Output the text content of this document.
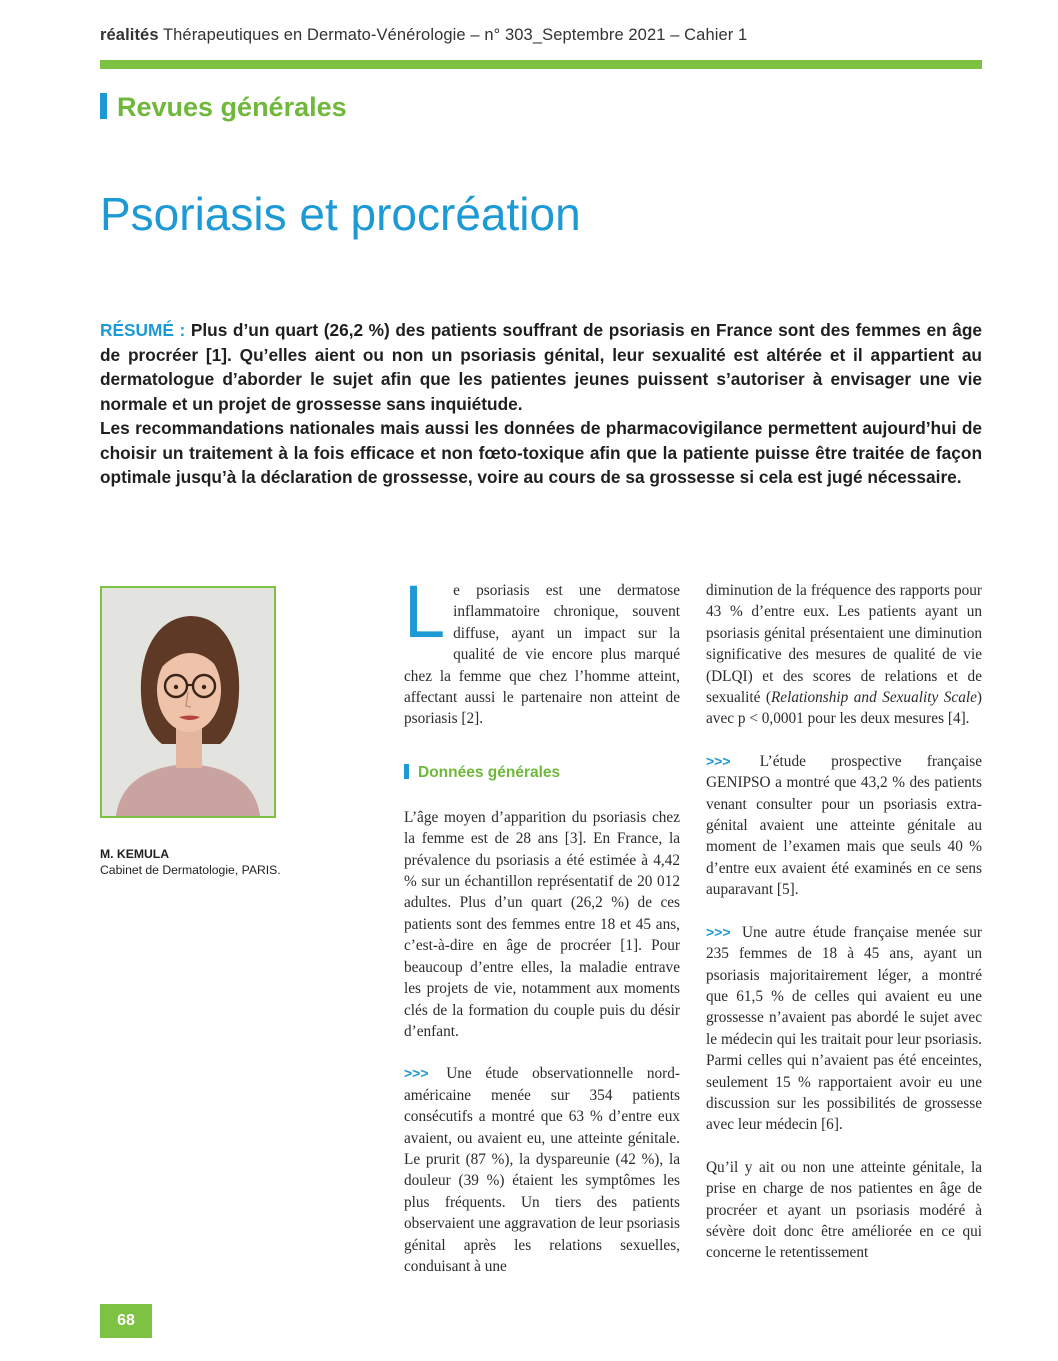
réalités Thérapeutiques en Dermato-Vénérologie – n° 303_Septembre 2021 – Cahier 1
Revues générales
Psoriasis et procréation

RÉSUMÉ : Plus d’un quart (26,2 %) des patients souffrant de psoriasis en France sont des femmes en âge de procréer [1]. Qu’elles aient ou non un psoriasis génital, leur sexualité est altérée et il appartient au dermatologue d’aborder le sujet afin que les patientes jeunes puissent s’autoriser à envisager une vie normale et un projet de grossesse sans inquiétude.

Les recommandations nationales mais aussi les données de pharmacovigilance permettent aujourd’hui de choisir un traitement à la fois efficace et non fœto-toxique afin que la patiente puisse être traitée de façon optimale jusqu’à la déclaration de grossesse, voire au cours de sa grossesse si cela est jugé nécessaire.

M. KEMULA
Cabinet de Dermatologie, PARIS.

Le psoriasis est une dermatose inflammatoire chronique, souvent diffuse, ayant un impact sur la qualité de vie encore plus marqué chez la femme que chez l’homme atteint, affectant aussi le partenaire non atteint de psoriasis [2].

Données générales

L’âge moyen d’apparition du psoriasis chez la femme est de 28 ans [3]. En France, la prévalence du psoriasis a été estimée à 4,42 % sur un échantillon représentatif de 20 012 adultes. Plus d’un quart (26,2 %) de ces patients sont des femmes entre 18 et 45 ans, c’est-à-dire en âge de procréer [1]. Pour beaucoup d’entre elles, la maladie entrave les projets de vie, notamment aux moments clés de la formation du couple puis du désir d’enfant.

>>> Une étude observationnelle nord-américaine menée sur 354 patients consécutifs a montré que 63 % d’entre eux avaient, ou avaient eu, une atteinte génitale. Le prurit (87 %), la dyspareunie (42 %), la douleur (39 %) étaient les symptômes les plus fréquents. Un tiers des patients observaient une aggravation de leur psoriasis génital après les relations sexuelles, conduisant à une

diminution de la fréquence des rapports pour 43 % d’entre eux. Les patients ayant un psoriasis génital présentaient une diminution significative des mesures de qualité de vie (DLQI) et des scores de relations et de sexualité (Relationship and Sexuality Scale) avec p < 0,0001 pour les deux mesures [4].

>>> L’étude prospective française GENIPSO a montré que 43,2 % des patients venant consulter pour un psoriasis extra-génital avaient une atteinte génitale au moment de l’examen mais que seuls 40 % d’entre eux avaient été examinés en ce sens auparavant [5].

>>> Une autre étude française menée sur 235 femmes de 18 à 45 ans, ayant un psoriasis majoritairement léger, a montré que 61,5 % de celles qui avaient eu une grossesse n’avaient pas abordé le sujet avec le médecin qui les traitait pour leur psoriasis. Parmi celles qui n’avaient pas été enceintes, seulement 15 % rapportaient avoir eu une discussion sur les possibilités de grossesse avec leur médecin [6].

Qu’il y ait ou non une atteinte génitale, la prise en charge de nos patientes en âge de procréer et ayant un psoriasis modéré à sévère doit donc être améliorée en ce qui concerne le retentissement

68
